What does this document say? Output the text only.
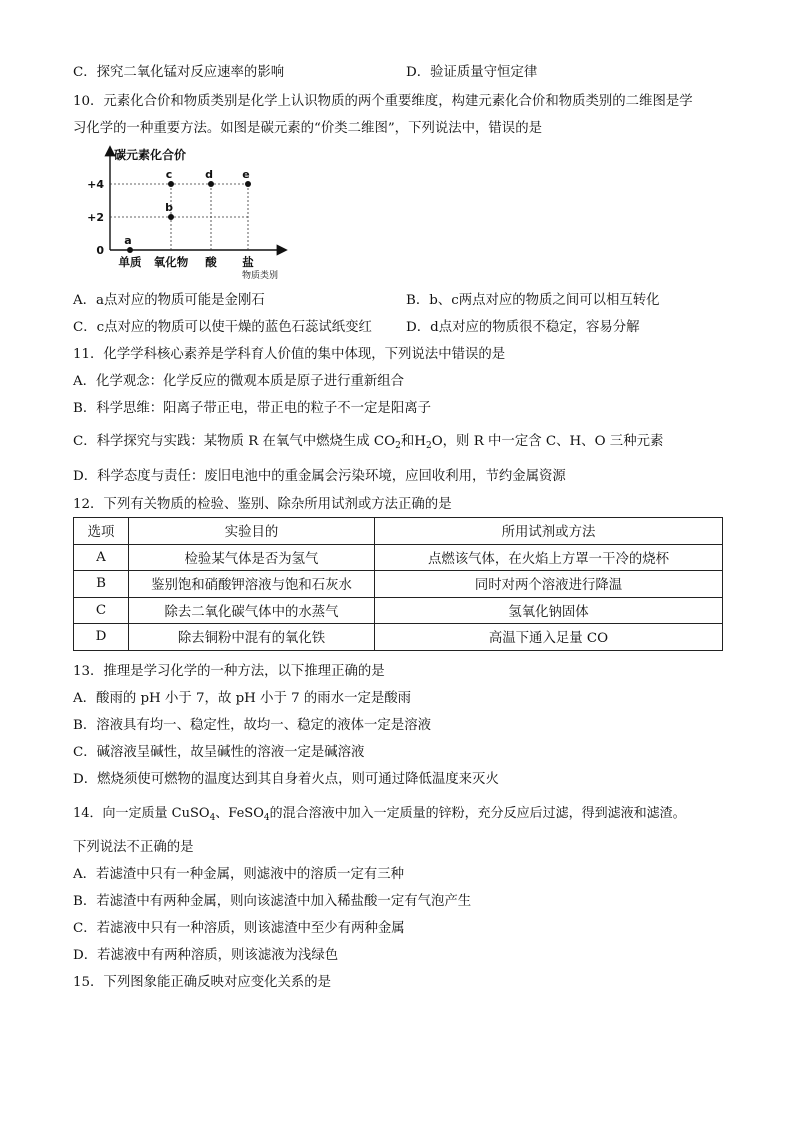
C．探究二氧化锰对反应速率的影响	D．验证质量守恒定律
10．元素化合价和物质类别是化学上认识物质的两个重要维度，构建元素化合价和物质类别的二维图是学
习化学的一种重要方法。如图是碳元素的“价类二维图”，下列说法中，错误的是
碳元素化合价
物质类别
+4
+2
0
单质 氧化物 酸 盐
a
b
c	d	e
A．a点对应的物质可能是金刚石	B．b、c两点对应的物质之间可以相互转化
C．c点对应的物质可以使干燥的蓝色石蕊试纸变红	D．d点对应的物质很不稳定，容易分解
11．化学学科核心素养是学科育人价值的集中体现，下列说法中错误的是
A．化学观念：化学反应的微观本质是原子进行重新组合
B．科学思维：阳离子带正电，带正电的粒子不一定是阳离子
C．科学探究与实践：某物质 R 在氧气中燃烧生成 $CO_2$和$H_2O$，则 R 中一定含 C、H、O 三种元素
D．科学态度与责任：废旧电池中的重金属会污染环境，应回收利用，节约金属资源
12．下列有关物质的检验、鉴别、除杂所用试剂或方法正确的是
选项	实验目的	所用试剂或方法
A	检验某气体是否为氢气	点燃该气体，在火焰上方罩一干冷的烧杯
B	鉴别饱和硝酸钾溶液与饱和石灰水	同时对两个溶液进行降温
C	除去二氧化碳气体中的水蒸气	氢氧化钠固体
D	除去铜粉中混有的氧化铁	高温下通入足量 CO
13．推理是学习化学的一种方法，以下推理正确的是
A．酸雨的 pH 小于 7，故 pH 小于 7 的雨水一定是酸雨
B．溶液具有均一、稳定性，故均一、稳定的液体一定是溶液
C．碱溶液呈碱性，故呈碱性的溶液一定是碱溶液
D．燃烧须使可燃物的温度达到其自身着火点，则可通过降低温度来灭火
14．向一定质量 CuSO$_4$、FeSO$_4$的混合溶液中加入一定质量的锌粉，充分反应后过滤，得到滤液和滤渣。
下列说法不正确的是
A．若滤渣中只有一种金属，则滤液中的溶质一定有三种
B．若滤渣中有两种金属，则向该滤渣中加入稀盐酸一定有气泡产生
C．若滤液中只有一种溶质，则该滤渣中至少有两种金属
D．若滤液中有两种溶质，则该滤液为浅绿色
15．下列图象能正确反映对应变化关系的是
